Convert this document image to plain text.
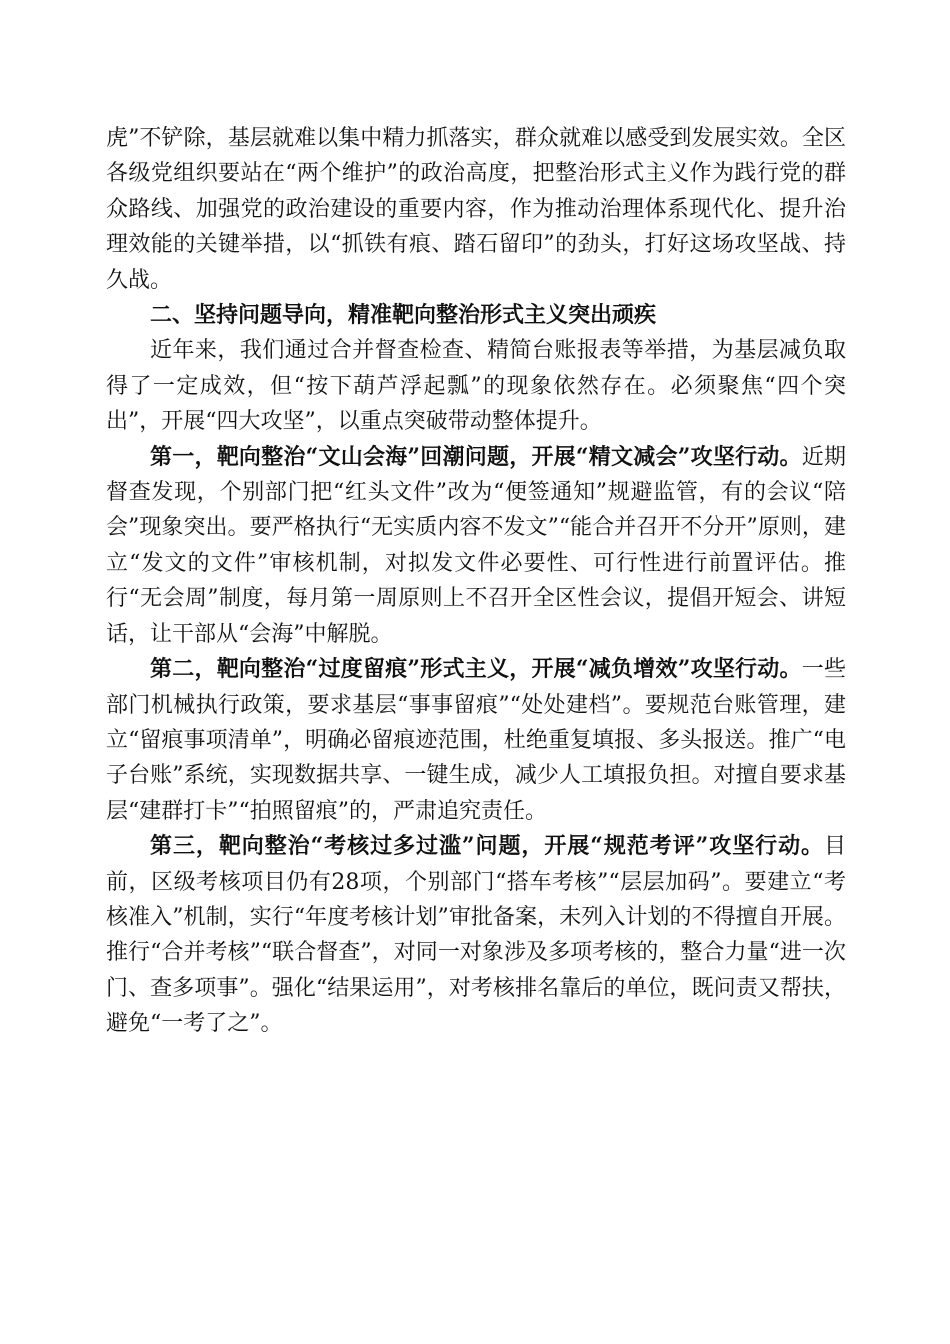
虎”不铲除，基层就难以集中精力抓落实，群众就难以感受到发展实效。全区各级党组织要站在“两个维护”的政治高度，把整治形式主义作为践行党的群众路线、加强党的政治建设的重要内容，作为推动治理体系现代化、提升治理效能的关键举措，以“抓铁有痕、踏石留印”的劲头，打好这场攻坚战、持久战。

二、坚持问题导向，精准靶向整治形式主义突出顽疾

近年来，我们通过合并督查检查、精简台账报表等举措，为基层减负取得了一定成效，但“按下葫芦浮起瓢”的现象依然存在。必须聚焦“四个突出”，开展“四大攻坚”，以重点突破带动整体提升。

第一，靶向整治“文山会海”回潮问题，开展“精文减会”攻坚行动。近期督查发现，个别部门把“红头文件”改为“便签通知”规避监管，有的会议“陪会”现象突出。要严格执行“无实质内容不发文”“能合并召开不分开”原则，建立“发文的文件”审核机制，对拟发文件必要性、可行性进行前置评估。推行“无会周”制度，每月第一周原则上不召开全区性会议，提倡开短会、讲短话，让干部从“会海”中解脱。

第二，靶向整治“过度留痕”形式主义，开展“减负增效”攻坚行动。一些部门机械执行政策，要求基层“事事留痕”“处处建档”。要规范台账管理，建立“留痕事项清单”，明确必留痕迹范围，杜绝重复填报、多头报送。推广“电子台账”系统，实现数据共享、一键生成，减少人工填报负担。对擅自要求基层“建群打卡”“拍照留痕”的，严肃追究责任。

第三，靶向整治“考核过多过滥”问题，开展“规范考评”攻坚行动。目前，区级考核项目仍有28项，个别部门“搭车考核”“层层加码”。要建立“考核准入”机制，实行“年度考核计划”审批备案，未列入计划的不得擅自开展。推行“合并考核”“联合督查”，对同一对象涉及多项考核的，整合力量“进一次门、查多项事”。强化“结果运用”，对考核排名靠后的单位，既问责又帮扶，避免“一考了之”。
